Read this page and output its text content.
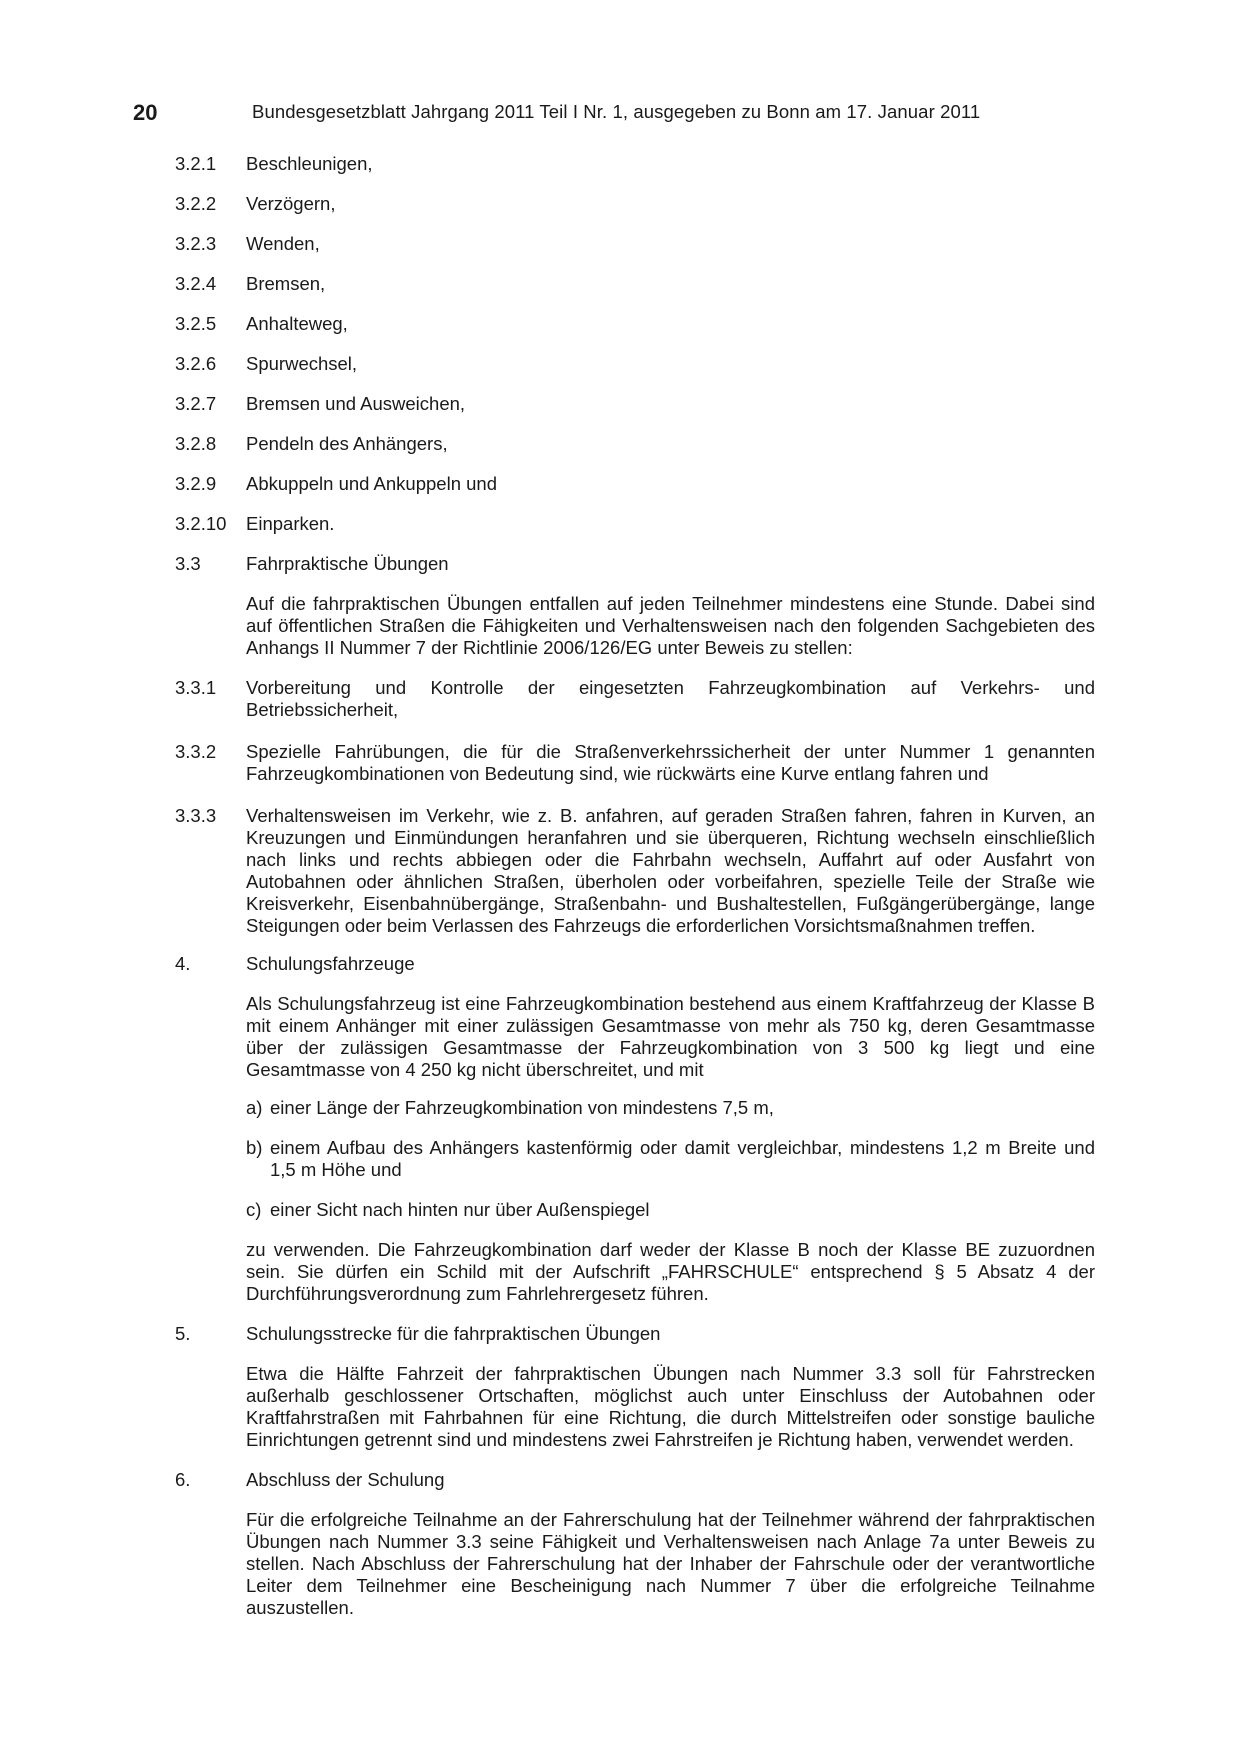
20	Bundesgesetzblatt Jahrgang 2011 Teil I Nr. 1, ausgegeben zu Bonn am 17. Januar 2011
3.2.1 Beschleunigen,
3.2.2 Verzögern,
3.2.3 Wenden,
3.2.4 Bremsen,
3.2.5 Anhalteweg,
3.2.6 Spurwechsel,
3.2.7 Bremsen und Ausweichen,
3.2.8 Pendeln des Anhängers,
3.2.9 Abkuppeln und Ankuppeln und
3.2.10 Einparken.
3.3 Fahrpraktische Übungen
Auf die fahrpraktischen Übungen entfallen auf jeden Teilnehmer mindestens eine Stunde. Dabei sind auf öffentlichen Straßen die Fähigkeiten und Verhaltensweisen nach den folgenden Sachgebieten des Anhangs II Nummer 7 der Richtlinie 2006/126/EG unter Beweis zu stellen:
3.3.1 Vorbereitung und Kontrolle der eingesetzten Fahrzeugkombination auf Verkehrs- und Betriebssicherheit,
3.3.2 Spezielle Fahrübungen, die für die Straßenverkehrssicherheit der unter Nummer 1 genannten Fahrzeugkombinationen von Bedeutung sind, wie rückwärts eine Kurve entlang fahren und
3.3.3 Verhaltensweisen im Verkehr, wie z. B. anfahren, auf geraden Straßen fahren, fahren in Kurven, an Kreuzungen und Einmündungen heranfahren und sie überqueren, Richtung wechseln einschließlich nach links und rechts abbiegen oder die Fahrbahn wechseln, Auffahrt auf oder Ausfahrt von Autobahnen oder ähnlichen Straßen, überholen oder vorbeifahren, spezielle Teile der Straße wie Kreisverkehr, Eisenbahnübergänge, Straßenbahn- und Bushaltestellen, Fußgängerübergänge, lange Steigungen oder beim Verlassen des Fahrzeugs die erforderlichen Vorsichtsmaßnahmen treffen.
4.	Schulungsfahrzeuge
Als Schulungsfahrzeug ist eine Fahrzeugkombination bestehend aus einem Kraftfahrzeug der Klasse B mit einem Anhänger mit einer zulässigen Gesamtmasse von mehr als 750 kg, deren Gesamtmasse über der zulässigen Gesamtmasse der Fahrzeugkombination von 3 500 kg liegt und eine Gesamtmasse von 4 250 kg nicht überschreitet, und mit
a) einer Länge der Fahrzeugkombination von mindestens 7,5 m,
b) einem Aufbau des Anhängers kastenförmig oder damit vergleichbar, mindestens 1,2 m Breite und 1,5 m Höhe und
c) einer Sicht nach hinten nur über Außenspiegel
zu verwenden. Die Fahrzeugkombination darf weder der Klasse B noch der Klasse BE zuzuordnen sein. Sie dürfen ein Schild mit der Aufschrift „FAHRSCHULE“ entsprechend § 5 Absatz 4 der Durchführungsverordnung zum Fahrlehrergesetz führen.
5.	Schulungsstrecke für die fahrpraktischen Übungen
Etwa die Hälfte Fahrzeit der fahrpraktischen Übungen nach Nummer 3.3 soll für Fahrstrecken außerhalb geschlossener Ortschaften, möglichst auch unter Einschluss der Autobahnen oder Kraftfahrstraßen mit Fahrbahnen für eine Richtung, die durch Mittelstreifen oder sonstige bauliche Einrichtungen getrennt sind und mindestens zwei Fahrstreifen je Richtung haben, verwendet werden.
6.	Abschluss der Schulung
Für die erfolgreiche Teilnahme an der Fahrerschulung hat der Teilnehmer während der fahrpraktischen Übungen nach Nummer 3.3 seine Fähigkeit und Verhaltensweisen nach Anlage 7a unter Beweis zu stellen. Nach Abschluss der Fahrerschulung hat der Inhaber der Fahrschule oder der verantwortliche Leiter dem Teilnehmer eine Bescheinigung nach Nummer 7 über die erfolgreiche Teilnahme auszustellen.
